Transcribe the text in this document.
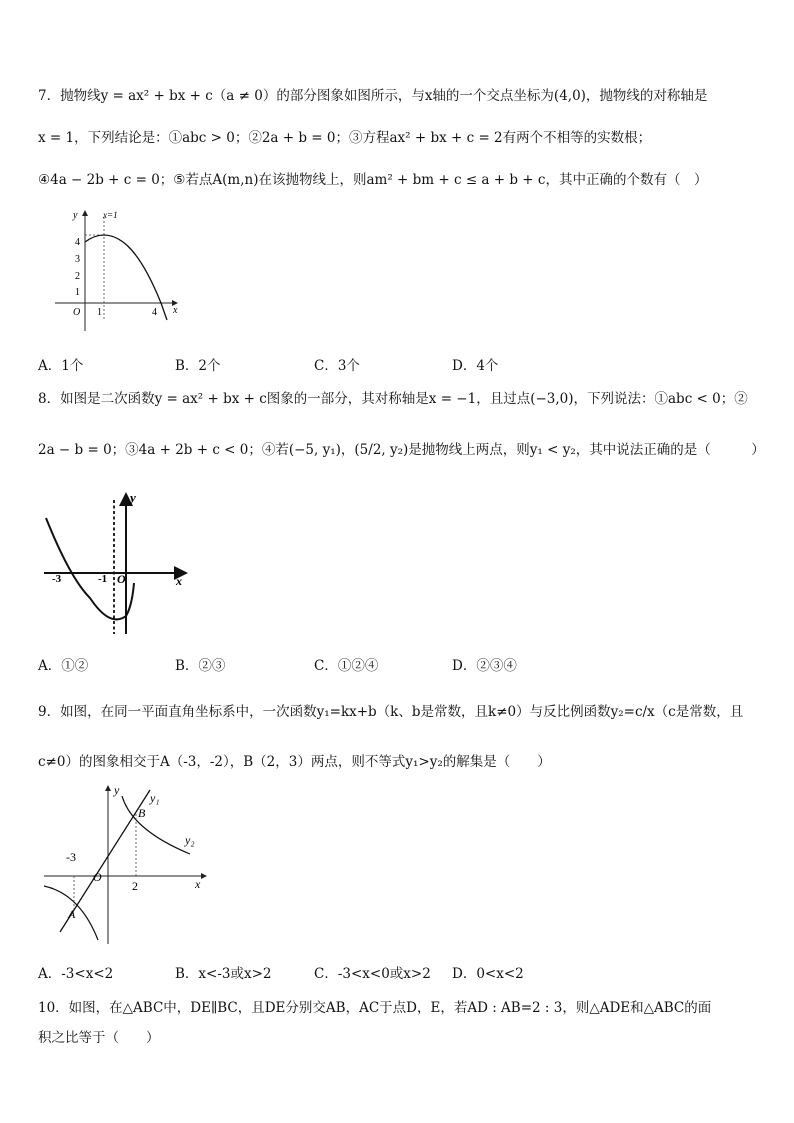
7．抛物线y = ax² + bx + c（a ≠ 0）的部分图象如图所示，与x轴的一个交点坐标为(4,0)，抛物线的对称轴是
x = 1，下列结论是：①abc > 0；②2a + b = 0；③方程ax² + bx + c = 2有两个不相等的实数根；
④4a − 2b + c = 0；⑤若点A(m,n)在该抛物线上，则am² + bm + c ≤ a + b + c，其中正确的个数有（　）
y	x=1
4
3
2
1
O 1	4 x
A．1个	B．2个	C．3个	D．4个
8．如图是二次函数y = ax² + bx + c图象的一部分，其对称轴是x = −1，且过点(−3,0)，下列说法：①abc < 0；②
2a − b = 0；③4a + 2b + c < 0；④若(−5, y₁)，(5/2, y₂)是抛物线上两点，则y₁ < y₂，其中说法正确的是（　　　）
y
-3	-1 O	x
A．①②	B．②③	C．①②④	D．②③④
9．如图，在同一平面直角坐标系中，一次函数y₁=kx+b（k、b是常数，且k≠0）与反比例函数y₂=c/x（c是常数，且
c≠0）的图象相交于A（-3，-2），B（2，3）两点，则不等式y₁>y₂的解集是（　　）
y
y₁
B
y₂
-3
O
2	x
A
A．-3<x<2	B．x<-3或x>2	C．-3<x<0或x>2 D．0<x<2
10．如图，在△ABC中，DE∥BC，且DE分别交AB，AC于点D，E，若AD : AB=2 : 3，则△ADE和△ABC的面
积之比等于（　　）
